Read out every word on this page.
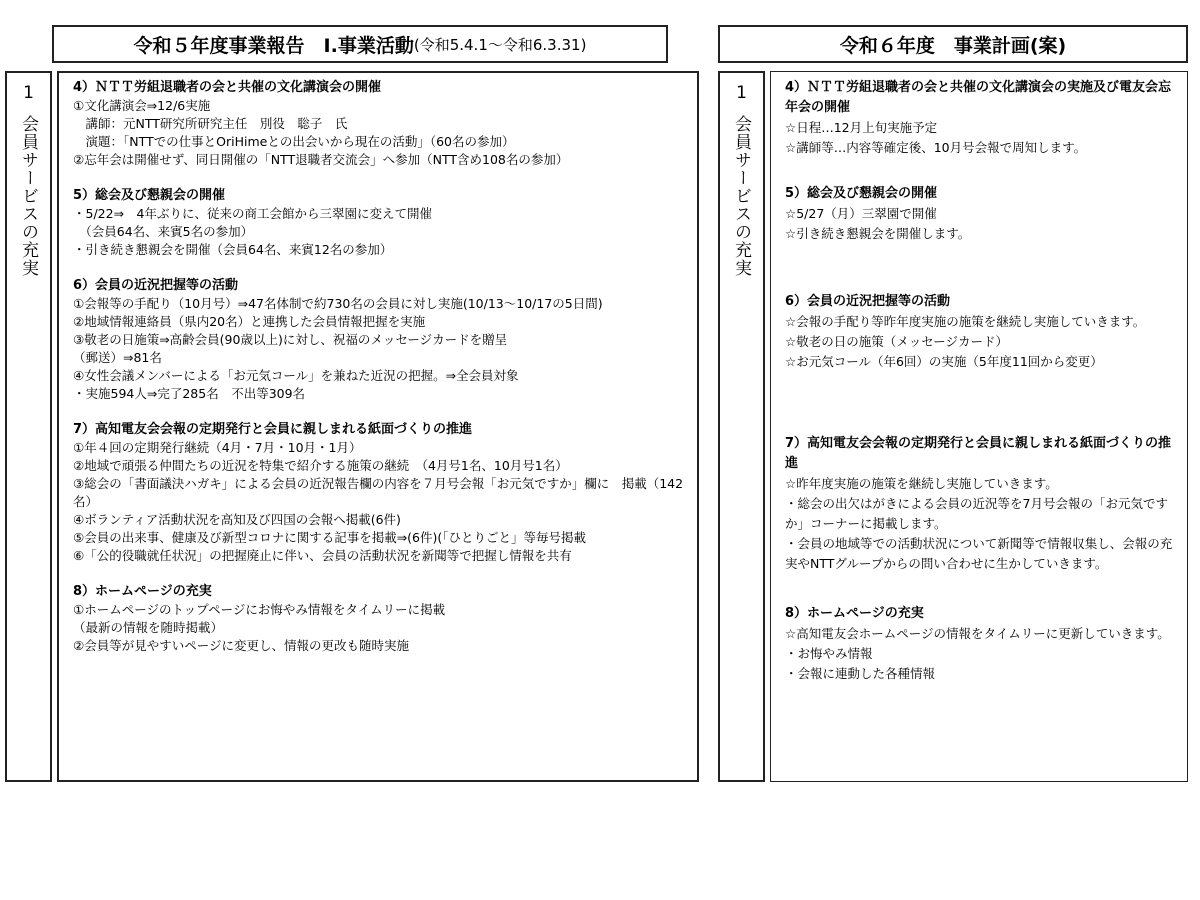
令和５年度事業報告　Ⅰ.事業活動 (令和5.4.1～令和6.3.31)	令和６年度　事業計画(案)
1
会員サービスの充実
4）ＮＴＴ労組退職者の会と共催の文化講演会の開催
①文化講演会⇒12/6実施
　講師：元NTT研究所研究主任　別役　聡子　氏
　演題：「NTTでの仕事とOriHimeとの出会いから現在の活動」（60名の参加）
②忘年会は開催せず、同日開催の「NTT退職者交流会」へ参加（NTT含め108名の参加）
5）総会及び懇親会の開催
・5/22⇒　4年ぶりに、従来の商工会館から三翠園に変えて開催
　（会員64名、来賓5名の参加）
・引き続き懇親会を開催（会員64名、来賓12名の参加）
6）会員の近況把握等の活動
①会報等の手配り（10月号）⇒47名体制で約730名の会員に対し実施(10/13～10/17の5日間)
②地域情報連絡員（県内20名）と連携した会員情報把握を実施
③敬老の日施策⇒高齢会員(90歳以上)に対し、祝福のメッセージカードを贈呈
（郵送）⇒81名
④女性会議メンバーによる「お元気コール」を兼ねた近況の把握。⇒全会員対象
・実施594人⇒完了285名　不出等309名
7）高知電友会会報の定期発行と会員に親しまれる紙面づくりの推進
①年４回の定期発行継続（4月・7月・10月・1月）
②地域で頑張る仲間たちの近況を特集で紹介する施策の継続　（4月号1名、10月号1名）
③総会の「書面議決ハガキ」による会員の近況報告欄の内容を７月号会報「お元気ですか」欄に　掲載（142名）
④ボランティア活動状況を高知及び四国の会報へ掲載(6件)
⑤会員の出来事、健康及び新型コロナに関する記事を掲載⇒(6件)(「ひとりごと」等毎号掲載
⑥「公的役職就任状況」の把握廃止に伴い、会員の活動状況を新聞等で把握し情報を共有
8）ホームページの充実
①ホームページのトップページにお悔やみ情報をタイムリーに掲載
（最新の情報を随時掲載）
②会員等が見やすいページに変更し、情報の更改も随時実施
1
会員サービスの充実
4）ＮＴＴ労組退職者の会と共催の文化講演会の実施及び電友会忘年会の開催
☆日程…12月上旬実施予定
☆講師等…内容等確定後、10月号会報で周知します。
5）総会及び懇親会の開催
☆5/27（月）三翠園で開催
☆引き続き懇親会を開催します。
6）会員の近況把握等の活動
☆会報の手配り等昨年度実施の施策を継続し実施していきます。
☆敬老の日の施策（メッセージカード）
☆お元気コール（年6回）の実施（5年度11回から変更）
7）高知電友会会報の定期発行と会員に親しまれる紙面づくりの推進
☆昨年度実施の施策を継続し実施していきます。
・総会の出欠はがきによる会員の近況等を7月号会報の「お元気ですか」コーナーに掲載します。
・会員の地域等での活動状況について新聞等で情報収集し、会報の充実やNTTグループからの問い合わせに生かしていきます。
8）ホームページの充実
☆高知電友会ホームページの情報をタイムリーに更新していきます。
・お悔やみ情報
・会報に連動した各種情報
